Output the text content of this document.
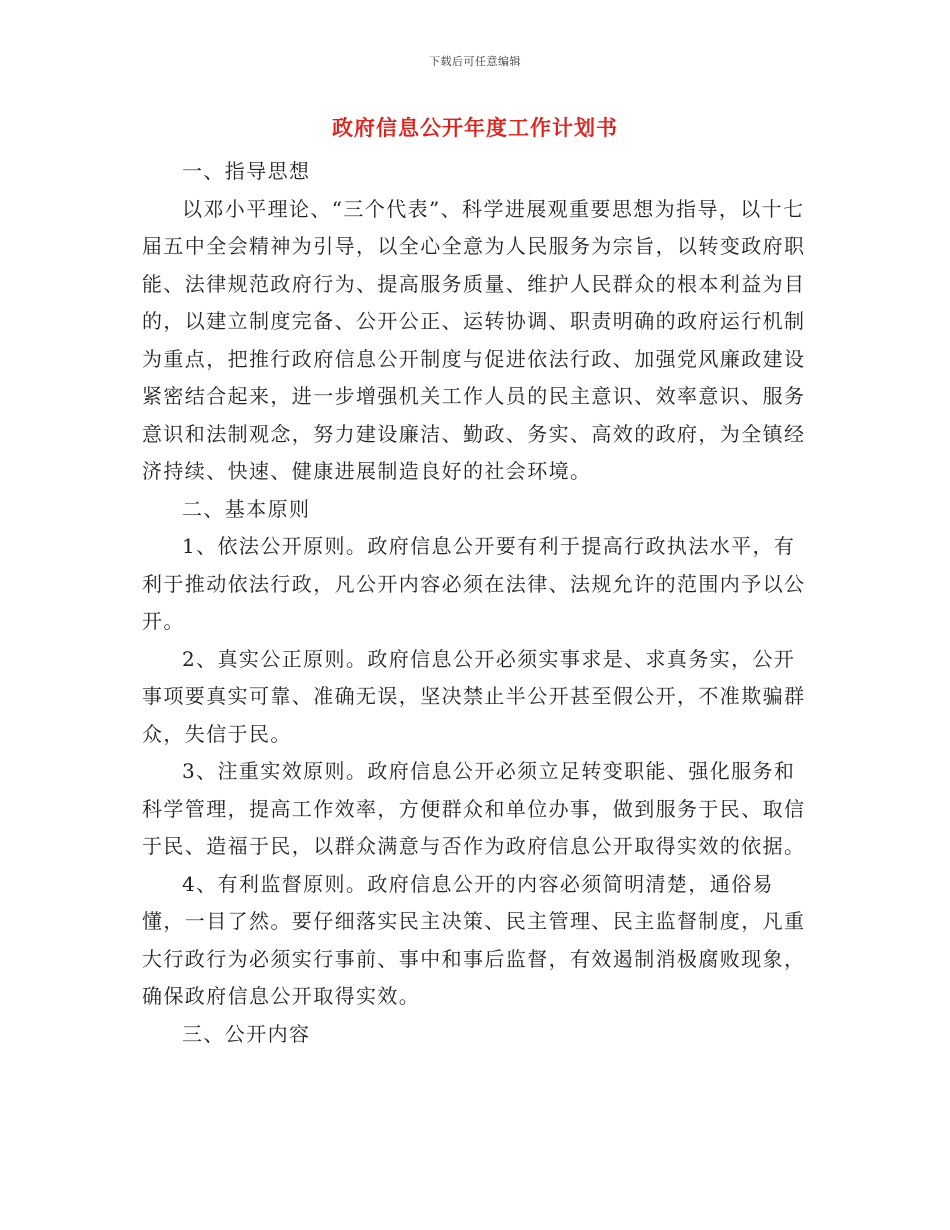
下载后可任意编辑
政府信息公开年度工作计划书

一、指导思想

以邓小平理论、“三个代表”、科学进展观重要思想为指导，以十七届五中全会精神为引导，以全心全意为人民服务为宗旨，以转变政府职能、法律规范政府行为、提高服务质量、维护人民群众的根本利益为目的，以建立制度完备、公开公正、运转协调、职责明确的政府运行机制为重点，把推行政府信息公开制度与促进依法行政、加强党风廉政建设紧密结合起来，进一步增强机关工作人员的民主意识、效率意识、服务意识和法制观念，努力建设廉洁、勤政、务实、高效的政府，为全镇经济持续、快速、健康进展制造良好的社会环境。

二、基本原则

1、依法公开原则。政府信息公开要有利于提高行政执法水平，有利于推动依法行政，凡公开内容必须在法律、法规允许的范围内予以公开。

2、真实公正原则。政府信息公开必须实事求是、求真务实，公开事项要真实可靠、准确无误，坚决禁止半公开甚至假公开，不准欺骗群众，失信于民。

3、注重实效原则。政府信息公开必须立足转变职能、强化服务和科学管理，提高工作效率，方便群众和单位办事，做到服务于民、取信于民、造福于民，以群众满意与否作为政府信息公开取得实效的依据。

4、有利监督原则。政府信息公开的内容必须简明清楚，通俗易懂，一目了然。要仔细落实民主决策、民主管理、民主监督制度，凡重大行政行为必须实行事前、事中和事后监督，有效遏制消极腐败现象，确保政府信息公开取得实效。

三、公开内容
